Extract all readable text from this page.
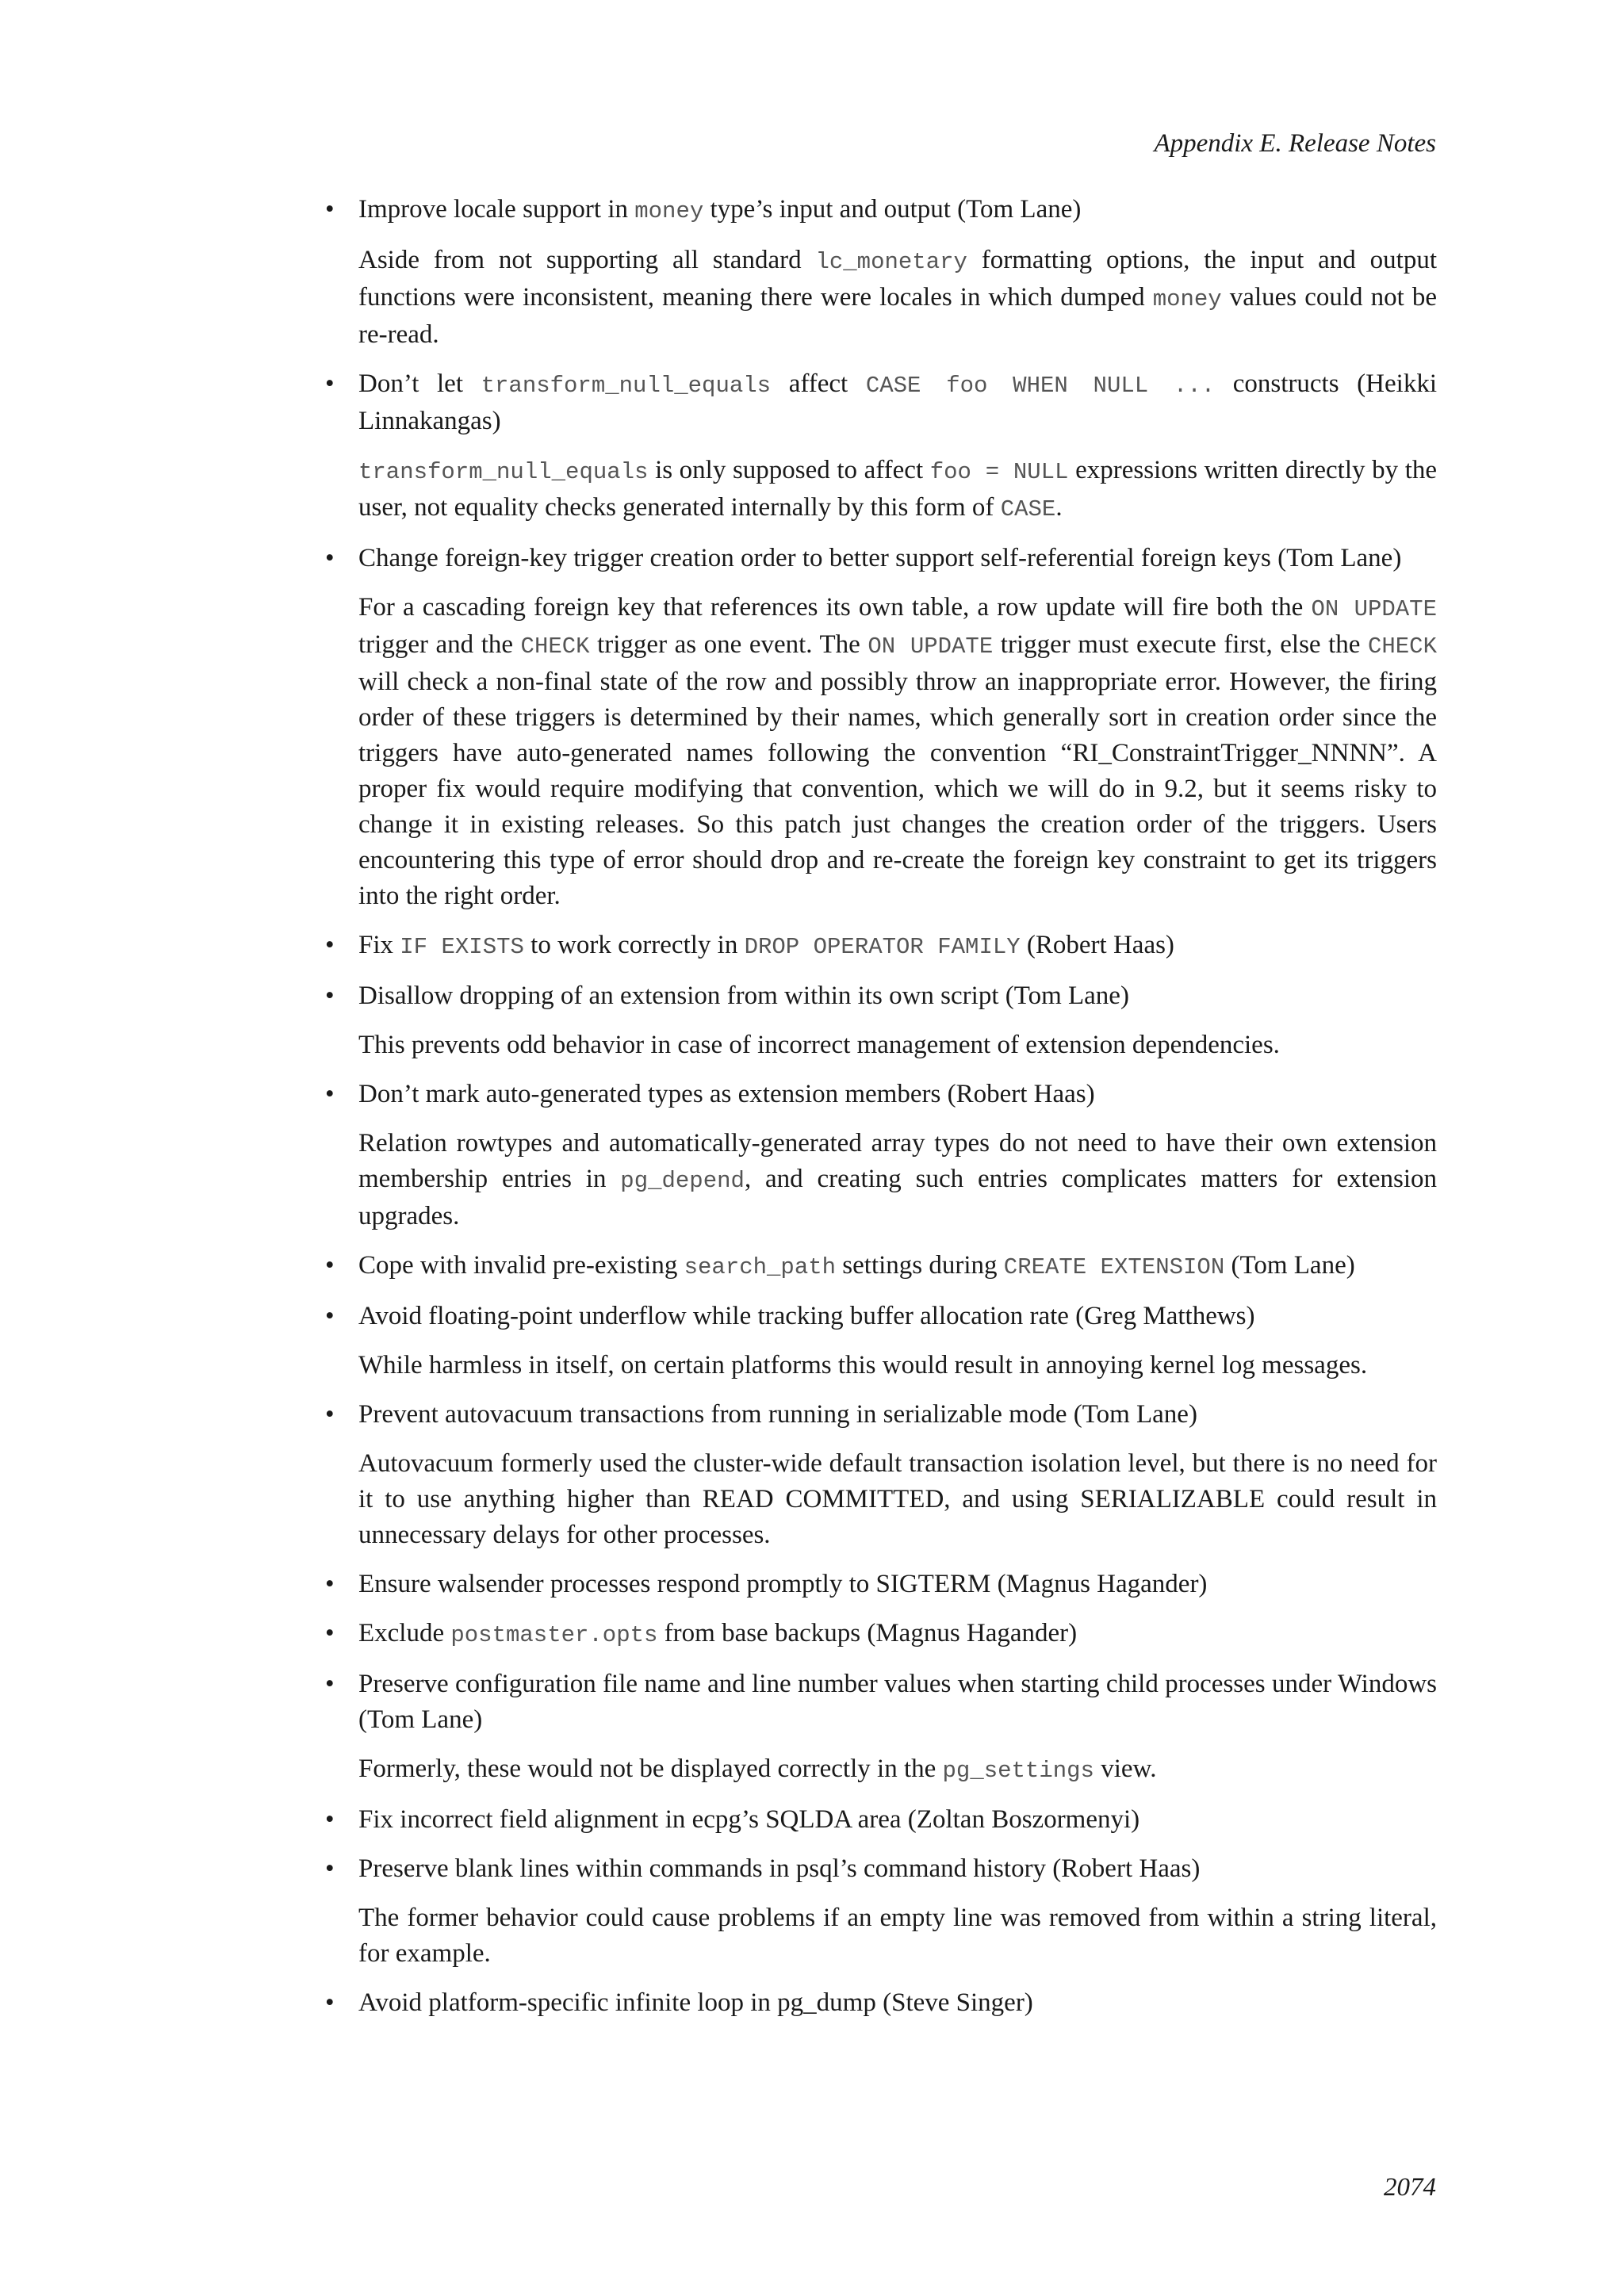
Appendix E. Release Notes
• Improve locale support in money type’s input and output (Tom Lane)

Aside from not supporting all standard lc_monetary formatting options, the input and output functions were inconsistent, meaning there were locales in which dumped money values could not be re-read.

• Don’t let transform_null_equals affect CASE foo WHEN NULL ... constructs (Heikki Linnakangas)

transform_null_equals is only supposed to affect foo = NULL expressions written directly by the user, not equality checks generated internally by this form of CASE.

• Change foreign-key trigger creation order to better support self-referential foreign keys (Tom Lane)

For a cascading foreign key that references its own table, a row update will fire both the ON UPDATE trigger and the CHECK trigger as one event. The ON UPDATE trigger must execute first, else the CHECK will check a non-final state of the row and possibly throw an inappropriate error. However, the firing order of these triggers is determined by their names, which generally sort in creation order since the triggers have auto-generated names following the convention “RI_ConstraintTrigger_NNNN”. A proper fix would require modifying that convention, which we will do in 9.2, but it seems risky to change it in existing releases. So this patch just changes the creation order of the triggers. Users encountering this type of error should drop and re-create the foreign key constraint to get its triggers into the right order.

• Fix IF EXISTS to work correctly in DROP OPERATOR FAMILY (Robert Haas)

• Disallow dropping of an extension from within its own script (Tom Lane)

This prevents odd behavior in case of incorrect management of extension dependencies.

• Don’t mark auto-generated types as extension members (Robert Haas)

Relation rowtypes and automatically-generated array types do not need to have their own extension membership entries in pg_depend, and creating such entries complicates matters for extension upgrades.

• Cope with invalid pre-existing search_path settings during CREATE EXTENSION (Tom Lane)

• Avoid floating-point underflow while tracking buffer allocation rate (Greg Matthews)

While harmless in itself, on certain platforms this would result in annoying kernel log messages.

• Prevent autovacuum transactions from running in serializable mode (Tom Lane)

Autovacuum formerly used the cluster-wide default transaction isolation level, but there is no need for it to use anything higher than READ COMMITTED, and using SERIALIZABLE could result in unnecessary delays for other processes.

• Ensure walsender processes respond promptly to SIGTERM (Magnus Hagander)

• Exclude postmaster.opts from base backups (Magnus Hagander)

• Preserve configuration file name and line number values when starting child processes under Windows (Tom Lane)

Formerly, these would not be displayed correctly in the pg_settings view.

• Fix incorrect field alignment in ecpg’s SQLDA area (Zoltan Boszormenyi)

• Preserve blank lines within commands in psql’s command history (Robert Haas)

The former behavior could cause problems if an empty line was removed from within a string literal, for example.

• Avoid platform-specific infinite loop in pg_dump (Steve Singer)

2074
